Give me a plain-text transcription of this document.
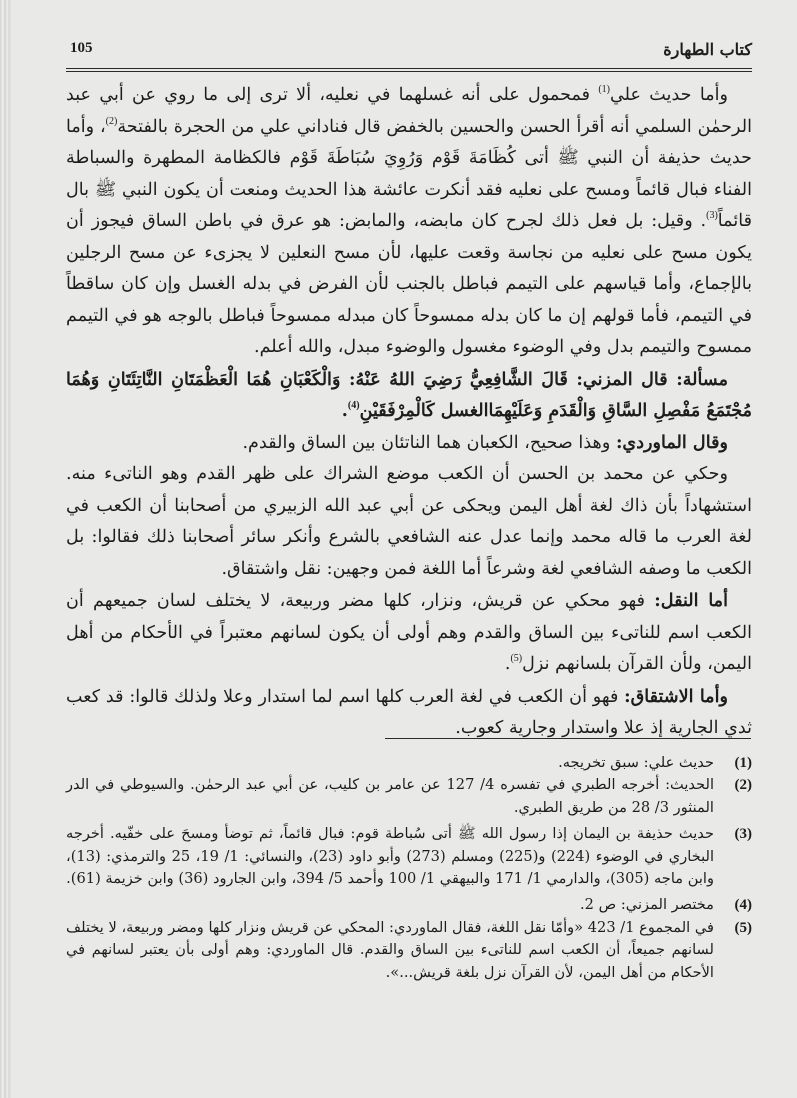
كتاب الطهارة
105

وأما حديث علي$^{(1)}$ فمحمول على أنه غسلهما في نعليه، ألا ترى إلى ما روي عن أبي عبد الرحمٰن السلمي أنه أقرأ الحسن والحسين بالخفض قال فناداني علي من الحجرة بالفتحة$^{(2)}$، وأما حديث حذيفة أن النبي ﷺ أتى كُظَامَةَ قَوْم وَرُوِيَ سُبَاطَةَ قَوْم فالكظامة المطهرة والسباطة الفناء فبال قائماً ومسح على نعليه فقد أنكرت عائشة هذا الحديث ومنعت أن يكون النبي ﷺ بال قائماً$^{(3)}$. وقيل: بل فعل ذلك لجرح كان مابضه، والمابض: هو عرق في باطن الساق فيجوز أن يكون مسح على نعليه من نجاسة وقعت عليها، لأن مسح النعلين لا يجزىء عن مسح الرجلين بالإجماع، وأما قياسهم على التيمم فباطل بالجنب لأن الفرض في بدله الغسل وإن كان ساقطاً في التيمم، فأما قولهم إن ما كان بدله ممسوحاً كان مبدله ممسوحاً فباطل بالوجه هو في التيمم ممسوح والتيمم بدل وفي الوضوء مغسول والوضوء مبدل، والله أعلم.

مسألة: قال المزني: قَالَ الشَّافِعِيُّ رَضِيَ اللهُ عَنْهُ: وَالْكَعْبَانِ هُمَا الْعَظْمَتَانِ النَّاتِئَتَانِ وَهُمَا مُجْتَمَعُ مَفْصِلِ السَّاقِ وَالْقَدَمِ وَعَلَيْهِمَاالغسل كَالْمِرْفَقَيْنِ$^{(4)}$.

وقال الماوردي: وهذا صحيح، الكعبان هما الناتئان بين الساق والقدم.

وحكي عن محمد بن الحسن أن الكعب موضع الشراك على ظهر القدم وهو الناتىء منه. استشهاداً بأن ذاك لغة أهل اليمن ويحكى عن أبي عبد الله الزبيري من أصحابنا أن الكعب في لغة العرب ما قاله محمد وإنما عدل عنه الشافعي بالشرع وأنكر سائر أصحابنا ذلك فقالوا: بل الكعب ما وصفه الشافعي لغة وشرعاً أما اللغة فمن وجهين: نقل واشتقاق.

أما النقل: فهو محكي عن قريش، ونزار، كلها مضر وربيعة، لا يختلف لسان جميعهم أن الكعب اسم للناتىء بين الساق والقدم وهم أولى أن يكون لسانهم معتبراً في الأحكام من أهل اليمن، ولأن القرآن بلسانهم نزل$^{(5)}$.

وأما الاشتقاق: فهو أن الكعب في لغة العرب كلها اسم لما استدار وعلا ولذلك قالوا: قد كعب ثدي الجارية إذ علا واستدار وجارية كعوب.

(1)
حديث علي: سبق تخريجه.
(2)
الحديث: أخرجه الطبري في تفسره 4/ 127 عن عامر بن كليب، عن أبي عبد الرحمٰن. والسيوطي في الدر المنثور 3/ 28 من طريق الطبري.
(3)
حديث حذيفة بن اليمان إذا رسول الله ﷺ أتى سُباطة قوم: فبال قائماً، ثم توضأ ومسحَ على خفّيه. أخرجه البخاري في الوضوء (224) و(225) ومسلم (273) وأبو داود (23)، والنسائي: 1/ 19، 25 والترمذي: (13)، وابن ماجه (305)، والدارمي 1/ 171 والبيهقي 1/ 100 وأحمد 5/ 394، وابن الجارود (36) وابن خزيمة (61).
(4)
مختصر المزني: ص 2.
(5)
في المجموع 1/ 423 «وأمّا نقل اللغة، فقال الماوردي: المحكي عن قريش ونزار كلها ومضر وربيعة، لا يختلف لسانهم جميعاً، أن الكعب اسم للناتىء بين الساق والقدم. قال الماوردي: وهم أولى بأن يعتبر لسانهم في الأحكام من أهل اليمن، لأن القرآن نزل بلغة قريش...».
